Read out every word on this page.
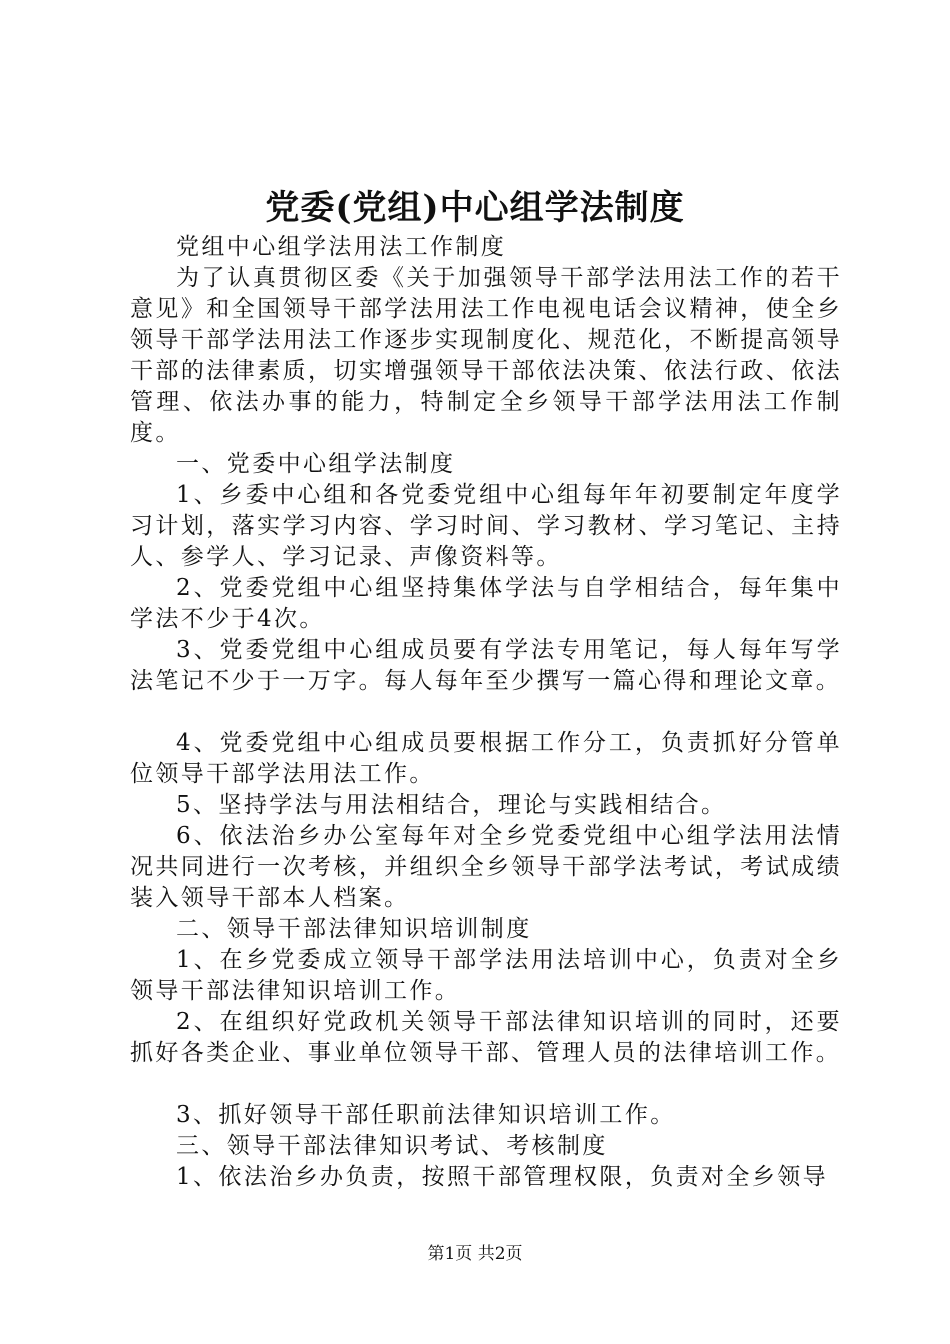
党委(党组)中心组学法制度

党组中心组学法用法工作制度

为了认真贯彻区委《关于加强领导干部学法用法工作的若干意见》和全国领导干部学法用法工作电视电话会议精神，使全乡领导干部学法用法工作逐步实现制度化、规范化，不断提高领导干部的法律素质，切实增强领导干部依法决策、依法行政、依法管理、依法办事的能力，特制定全乡领导干部学法用法工作制度。

一、党委中心组学法制度

1、乡委中心组和各党委党组中心组每年年初要制定年度学习计划，落实学习内容、学习时间、学习教材、学习笔记、主持人、参学人、学习记录、声像资料等。

2、党委党组中心组坚持集体学法与自学相结合，每年集中学法不少于4次。

3、党委党组中心组成员要有学法专用笔记，每人每年写学法笔记不少于一万字。每人每年至少撰写一篇心得和理论文章。

4、党委党组中心组成员要根据工作分工，负责抓好分管单位领导干部学法用法工作。

5、坚持学法与用法相结合，理论与实践相结合。

6、依法治乡办公室每年对全乡党委党组中心组学法用法情况共同进行一次考核，并组织全乡领导干部学法考试，考试成绩装入领导干部本人档案。

二、领导干部法律知识培训制度

1、在乡党委成立领导干部学法用法培训中心，负责对全乡领导干部法律知识培训工作。

2、在组织好党政机关领导干部法律知识培训的同时，还要抓好各类企业、事业单位领导干部、管理人员的法律培训工作。

3、抓好领导干部任职前法律知识培训工作。

三、领导干部法律知识考试、考核制度

1、依法治乡办负责，按照干部管理权限，负责对全乡领导

第1页 共2页
